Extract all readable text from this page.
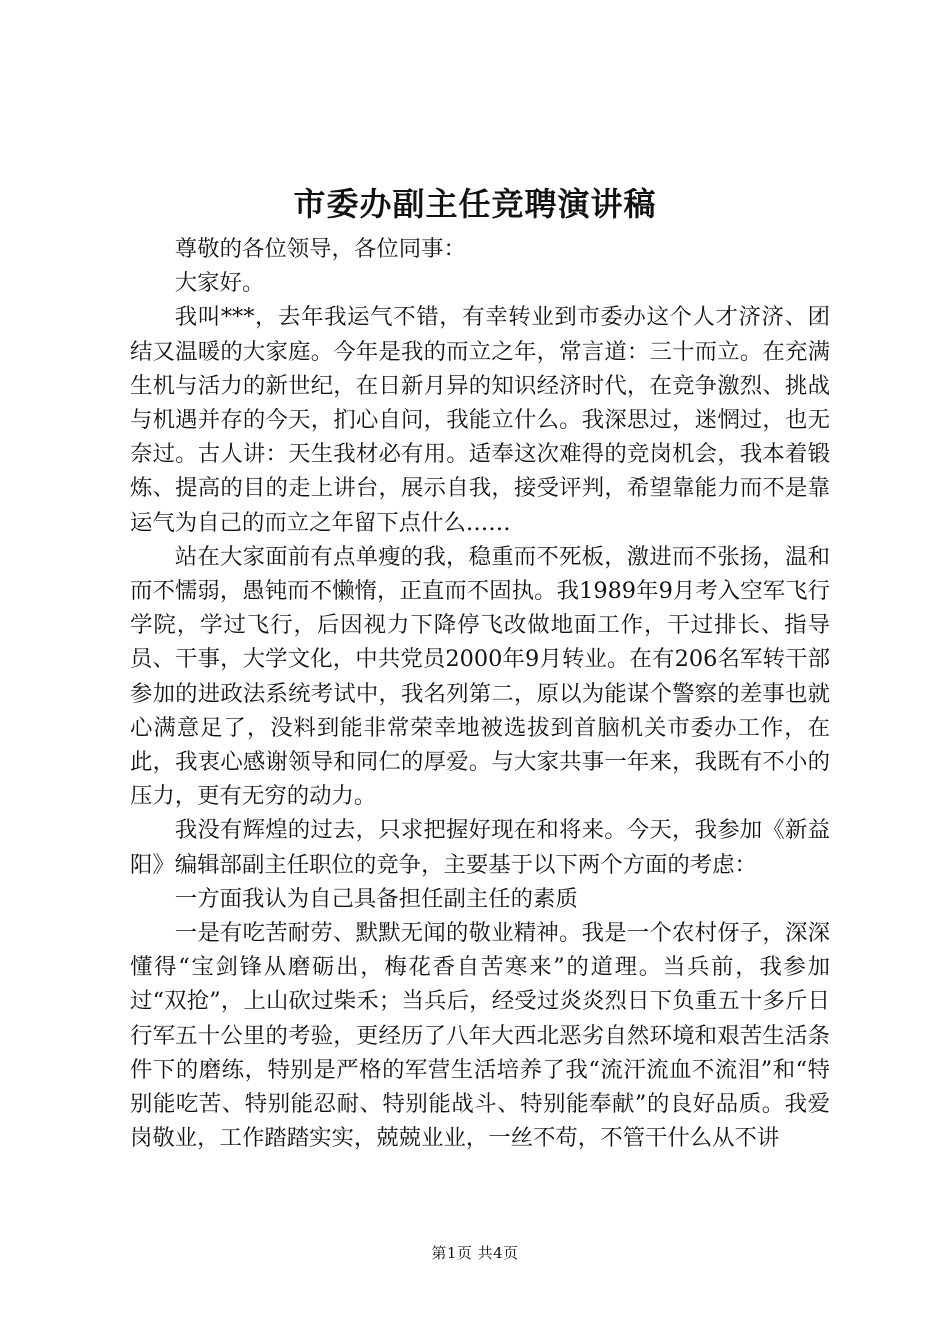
市委办副主任竞聘演讲稿

尊敬的各位领导，各位同事：

大家好。

我叫***，去年我运气不错，有幸转业到市委办这个人才济济、团结又温暖的大家庭。今年是我的而立之年，常言道：三十而立。在充满生机与活力的新世纪，在日新月异的知识经济时代，在竞争激烈、挑战与机遇并存的今天，扪心自问，我能立什么。我深思过，迷惘过，也无奈过。古人讲：天生我材必有用。适奉这次难得的竞岗机会，我本着锻炼、提高的目的走上讲台，展示自我，接受评判，希望靠能力而不是靠运气为自己的而立之年留下点什么……

站在大家面前有点单瘦的我，稳重而不死板，激进而不张扬，温和而不懦弱，愚钝而不懒惰，正直而不固执。我1989年9月考入空军飞行学院，学过飞行，后因视力下降停飞改做地面工作，干过排长、指导员、干事，大学文化，中共党员2000年9月转业。在有206名军转干部参加的进政法系统考试中，我名列第二，原以为能谋个警察的差事也就心满意足了，没料到能非常荣幸地被选拔到首脑机关市委办工作，在此，我衷心感谢领导和同仁的厚爱。与大家共事一年来，我既有不小的压力，更有无穷的动力。

我没有辉煌的过去，只求把握好现在和将来。今天，我参加《新益阳》编辑部副主任职位的竞争，主要基于以下两个方面的考虑：

一方面我认为自己具备担任副主任的素质

一是有吃苦耐劳、默默无闻的敬业精神。我是一个农村伢子，深深懂得“宝剑锋从磨砺出，梅花香自苦寒来”的道理。当兵前，我参加过“双抢”，上山砍过柴禾；当兵后，经受过炎炎烈日下负重五十多斤日行军五十公里的考验，更经历了八年大西北恶劣自然环境和艰苦生活条件下的磨练，特别是严格的军营生活培养了我“流汗流血不流泪”和“特别能吃苦、特别能忍耐、特别能战斗、特别能奉献”的良好品质。我爱岗敬业，工作踏踏实实，兢兢业业，一丝不苟，不管干什么从不讲

第1页 共4页
